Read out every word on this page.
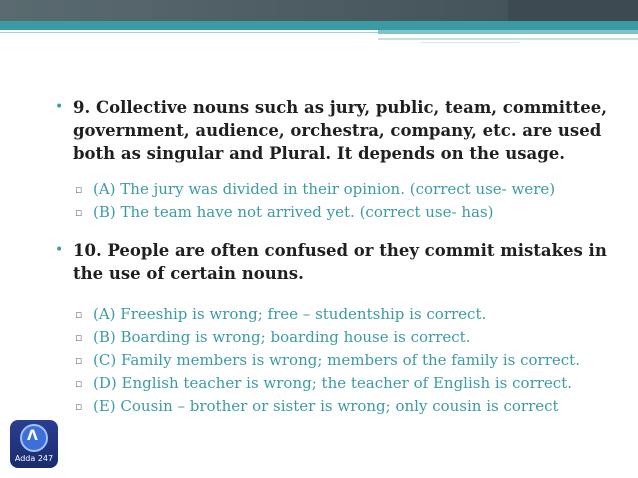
• 9. Collective nouns such as jury, public, team, committee, government, audience, orchestra, company, etc. are used both as singular and Plural. It depends on the usage.
▫ (A) The jury was divided in their opinion. (correct use- were)
▫ (B) The team have not arrived yet. (correct use- has)
• 10. People are often confused or they commit mistakes in the use of certain nouns.
▫ (A) Freeship is wrong; free – studentship is correct.
▫ (B) Boarding is wrong; boarding house is correct.
▫ (C) Family members is wrong; members of the family is correct.
▫ (D) English teacher is wrong; the teacher of English is correct.
▫ (E) Cousin – brother or sister is wrong; only cousin is correct
Λ
Adda 247
